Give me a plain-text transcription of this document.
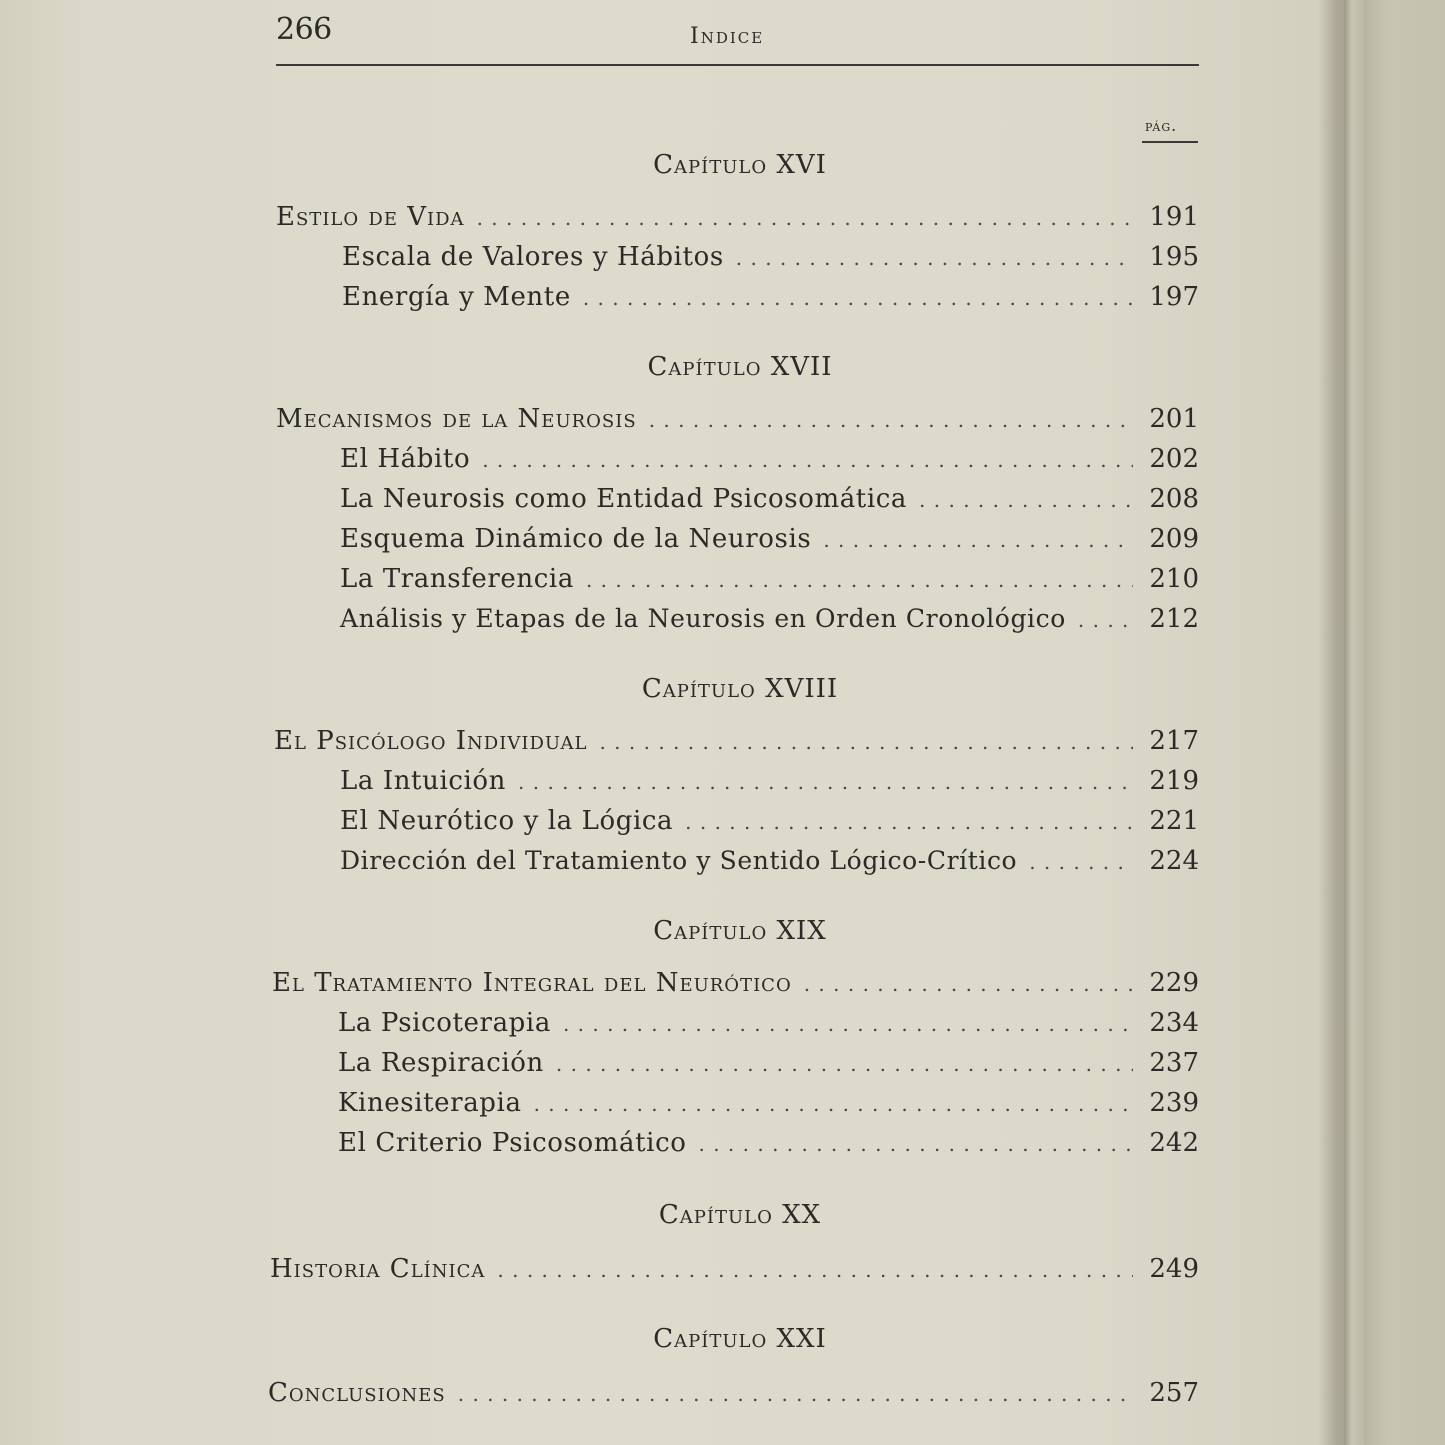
266	Indice
pág.
Capítulo XVI
Estilo de Vida . . .	191
Escala de Valores y Hábitos . . .	195
Energía y Mente . . .	197
Capítulo XVII
Mecanismos de la Neurosis . . .	201
El Hábito . . .	202
La Neurosis como Entidad Psicosomática . . .	208
Esquema Dinámico de la Neurosis . . .	209
La Transferencia . . .	210
Análisis y Etapas de la Neurosis en Orden Cronológico . . .	212
Capítulo XVIII
El Psicólogo Individual . . .	217
La Intuición . . .	219
El Neurótico y la Lógica . . .	221
Dirección del Tratamiento y Sentido Lógico-Crítico . . .	224
Capítulo XIX
El Tratamiento Integral del Neurótico . . .	229
La Psicoterapia . . .	234
La Respiración . . .	237
Kinesiterapia . . .	239
El Criterio Psicosomático . . .	242
Capítulo XX
Historia Clínica . . .	249
Capítulo XXI
Conclusiones . . .	257
